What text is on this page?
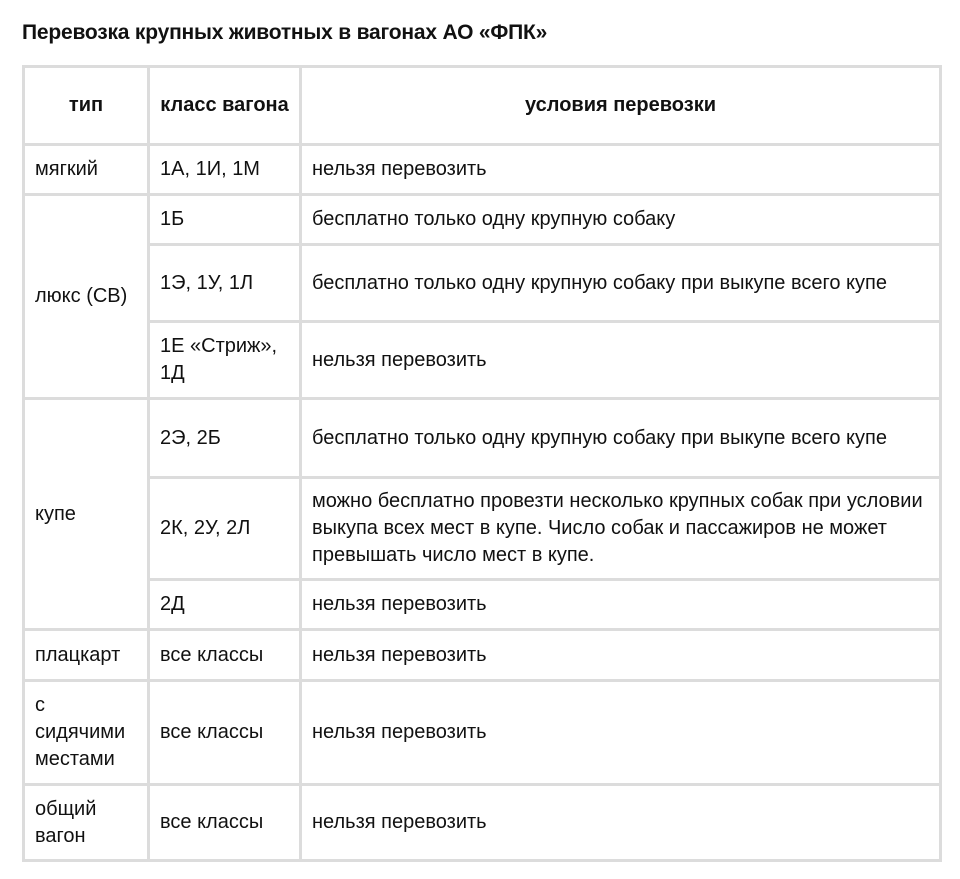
Перевозка крупных животных в вагонах АО «ФПК»
тип	класс вагона	условия перевозки
мягкий	1А, 1И, 1М	нельзя перевозить
люкс (СВ)	1Б	бесплатно только одну крупную собаку
	1Э, 1У, 1Л	бесплатно только одну крупную собаку при выкупе всего купе
	1Е «Стриж», 1Д	нельзя перевозить
купе	2Э, 2Б	бесплатно только одну крупную собаку при выкупе всего купе
	2К, 2У, 2Л	можно бесплатно провезти несколько крупных собак при условии выкупа всех мест в купе. Число собак и пассажиров не может превышать число мест в купе.
	2Д	нельзя перевозить
плацкарт	все классы	нельзя перевозить
с сидячими местами	все классы	нельзя перевозить
общий вагон	все классы	нельзя перевозить
